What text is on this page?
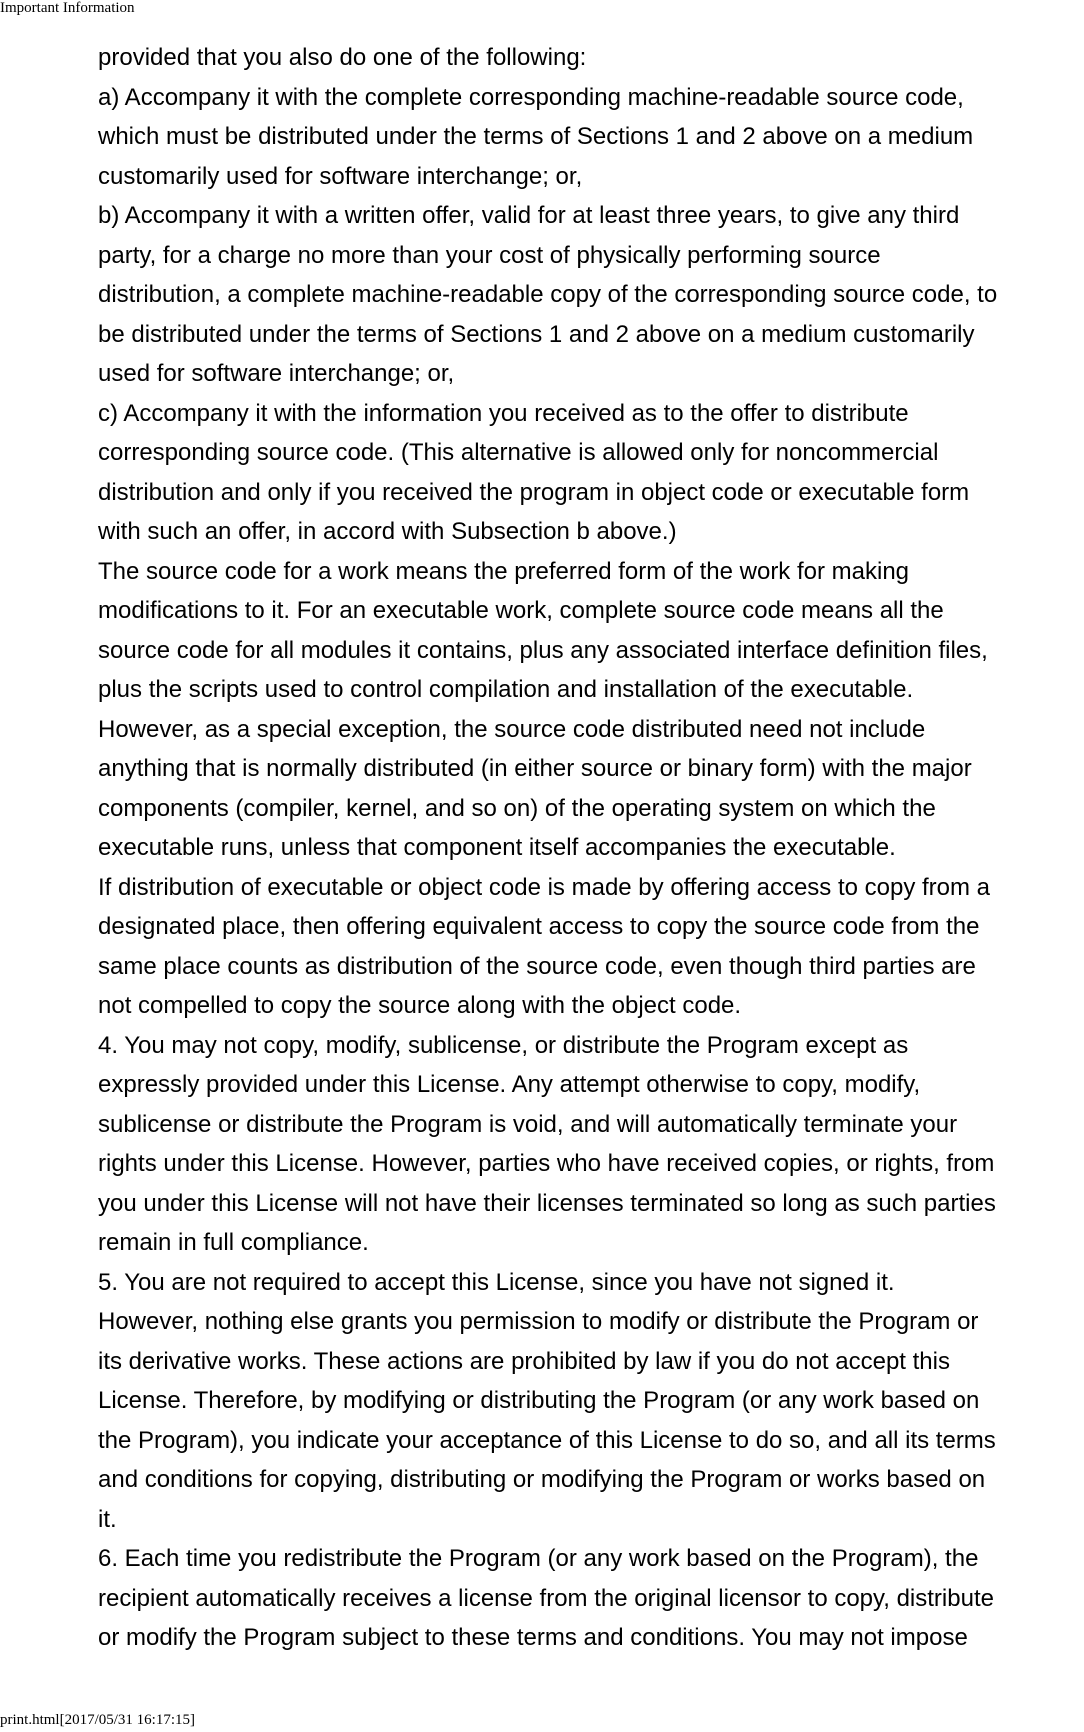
Important Information
provided that you also do one of the following:
a) Accompany it with the complete corresponding machine-readable source code,
which must be distributed under the terms of Sections 1 and 2 above on a medium
customarily used for software interchange; or,
b) Accompany it with a written offer, valid for at least three years, to give any third
party, for a charge no more than your cost of physically performing source
distribution, a complete machine-readable copy of the corresponding source code, to
be distributed under the terms of Sections 1 and 2 above on a medium customarily
used for software interchange; or,
c) Accompany it with the information you received as to the offer to distribute
corresponding source code. (This alternative is allowed only for noncommercial
distribution and only if you received the program in object code or executable form
with such an offer, in accord with Subsection b above.)
The source code for a work means the preferred form of the work for making
modifications to it. For an executable work, complete source code means all the
source code for all modules it contains, plus any associated interface definition files,
plus the scripts used to control compilation and installation of the executable.
However, as a special exception, the source code distributed need not include
anything that is normally distributed (in either source or binary form) with the major
components (compiler, kernel, and so on) of the operating system on which the
executable runs, unless that component itself accompanies the executable.
If distribution of executable or object code is made by offering access to copy from a
designated place, then offering equivalent access to copy the source code from the
same place counts as distribution of the source code, even though third parties are
not compelled to copy the source along with the object code.
4. You may not copy, modify, sublicense, or distribute the Program except as
expressly provided under this License. Any attempt otherwise to copy, modify,
sublicense or distribute the Program is void, and will automatically terminate your
rights under this License. However, parties who have received copies, or rights, from
you under this License will not have their licenses terminated so long as such parties
remain in full compliance.
5. You are not required to accept this License, since you have not signed it.
However, nothing else grants you permission to modify or distribute the Program or
its derivative works. These actions are prohibited by law if you do not accept this
License. Therefore, by modifying or distributing the Program (or any work based on
the Program), you indicate your acceptance of this License to do so, and all its terms
and conditions for copying, distributing or modifying the Program or works based on
it.
6. Each time you redistribute the Program (or any work based on the Program), the
recipient automatically receives a license from the original licensor to copy, distribute
or modify the Program subject to these terms and conditions. You may not impose
print.html[2017/05/31 16:17:15]
